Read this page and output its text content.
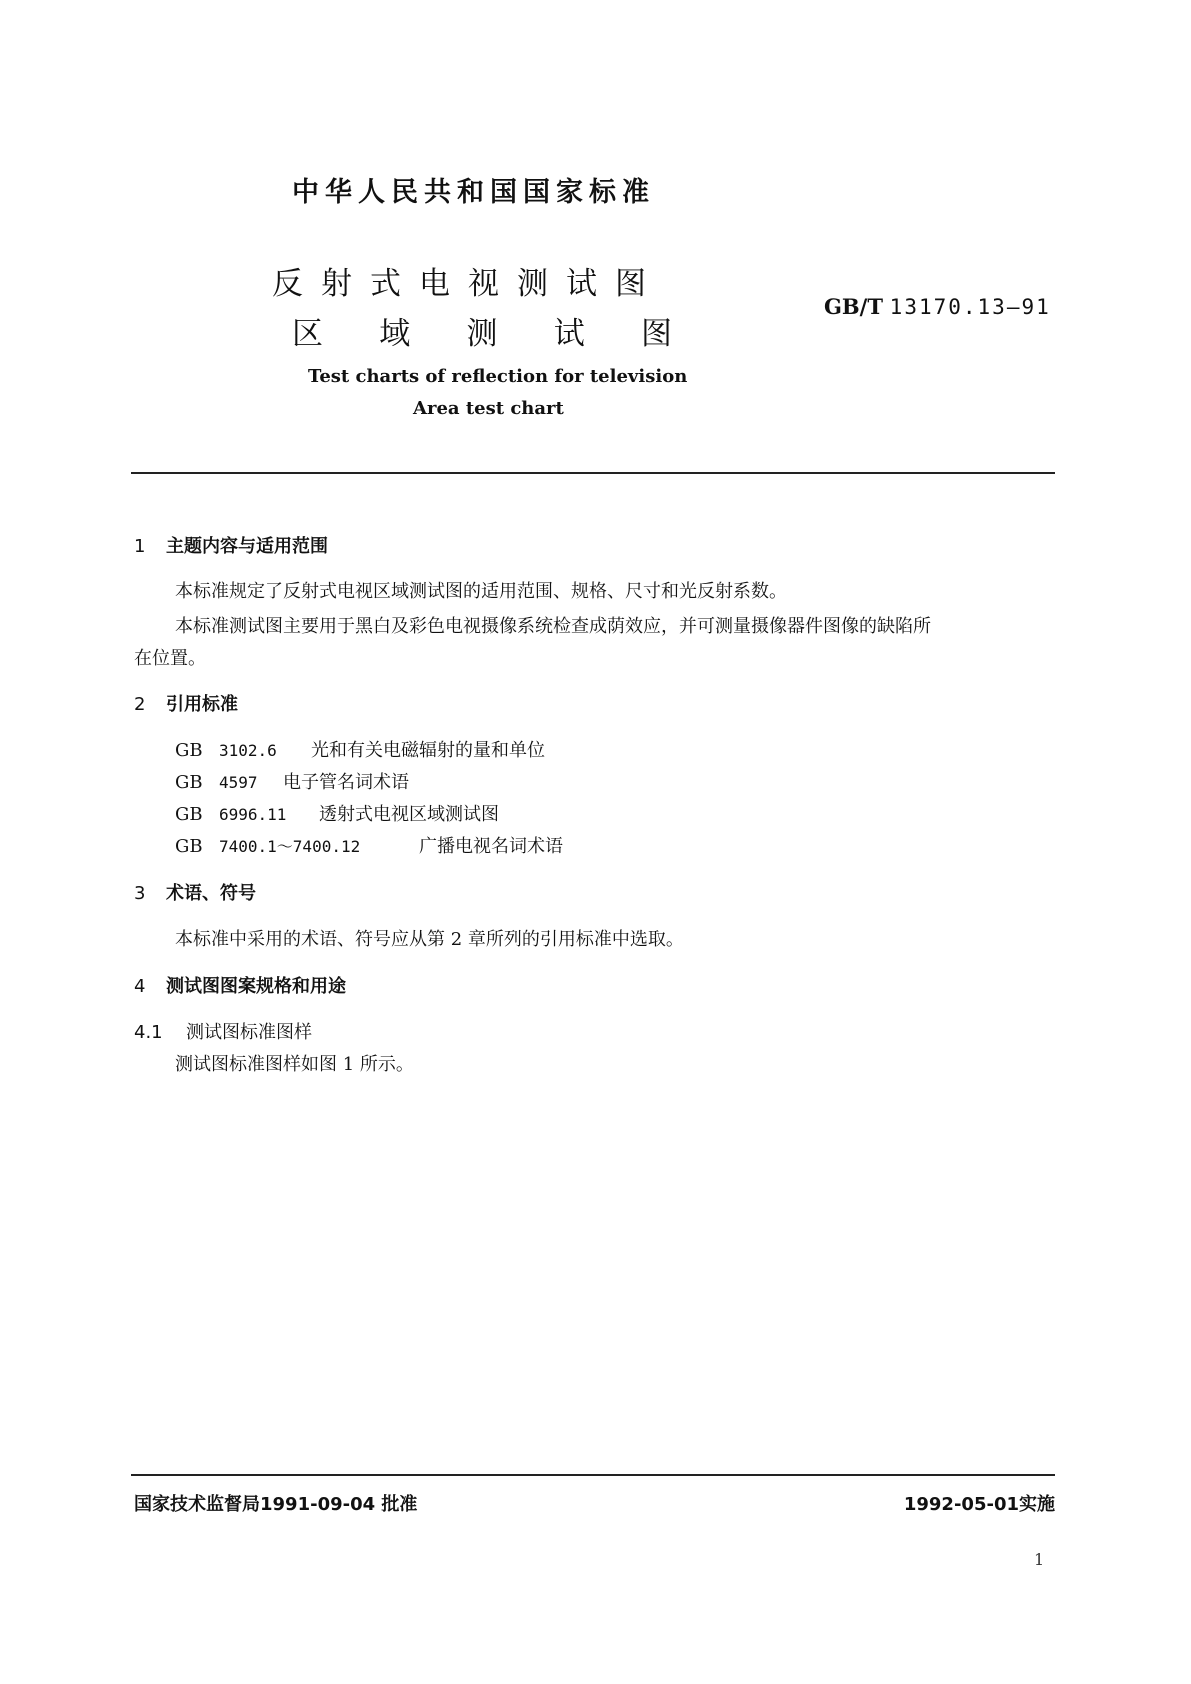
中华人民共和国国家标准
反射式电视测试图
区 域 测 试 图
GB/T 13170.13—91
Test charts of reflection for television
Area test chart
1 主题内容与适用范围
本标准规定了反射式电视区域测试图的适用范围、规格、尺寸和光反射系数。
本标准测试图主要用于黑白及彩色电视摄像系统检查成荫效应，并可测量摄像器件图像的缺陷所
在位置。
2 引用标准
GB 3102.6 光和有关电磁辐射的量和单位
GB 4597 电子管名词术语
GB 6996.11 透射式电视区域测试图
GB 7400.1～7400.12	广播电视名词术语
3 术语、符号
本标准中采用的术语、符号应从第 2 章所列的引用标准中选取。
4 测试图图案规格和用途
4.1 测试图标准图样
测试图标准图样如图 1 所示。
国家技术监督局1991-09-04 批准	1992-05-01实施
1
